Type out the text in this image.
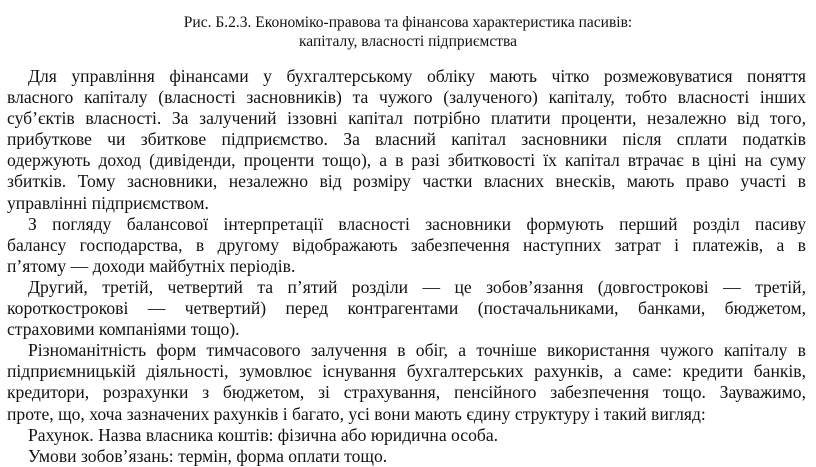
Рис. Б.2.3. Економіко-правова та фінансова характеристика пасивів:
капіталу, власності підприємства
Для управління фінансами у бухгалтерському обліку мають чітко розмежовуватися поняття
власного капіталу (власності засновників) та чужого (залученого) капіталу, тобто власності інших
суб’єктів власності. За залучений іззовні капітал потрібно платити проценти, незалежно від того,
прибуткове чи збиткове підприємство. За власний капітал засновники після сплати податків
одержують доход (дивіденди, проценти тощо), а в разі збитковості їх капітал втрачає в ціні на суму
збитків. Тому засновники, незалежно від розміру частки власних внесків, мають право участі в
управлінні підприємством.
З погляду балансової інтерпретації власності засновники формують перший розділ пасиву
балансу господарства, в другому відображають забезпечення наступних затрат і платежів, а в
п’ятому — доходи майбутніх періодів.
Другий, третій, четвертий та п’ятий розділи — це зобов’язання (довгострокові — третій,
короткострокові — четвертий) перед контрагентами (постачальниками, банками, бюджетом,
страховими компаніями тощо).
Різноманітність форм тимчасового залучення в обіг, а точніше використання чужого капіталу в
підприємницькій діяльності, зумовлює існування бухгалтерських рахунків, а саме: кредити банків,
кредитори, розрахунки з бюджетом, зі страхування, пенсійного забезпечення тощо. Зауважимо,
проте, що, хоча зазначених рахунків і багато, усі вони мають єдину структуру і такий вигляд:
Рахунок. Назва власника коштів: фізична або юридична особа.
Умови зобов’язань: термін, форма оплати тощо.
